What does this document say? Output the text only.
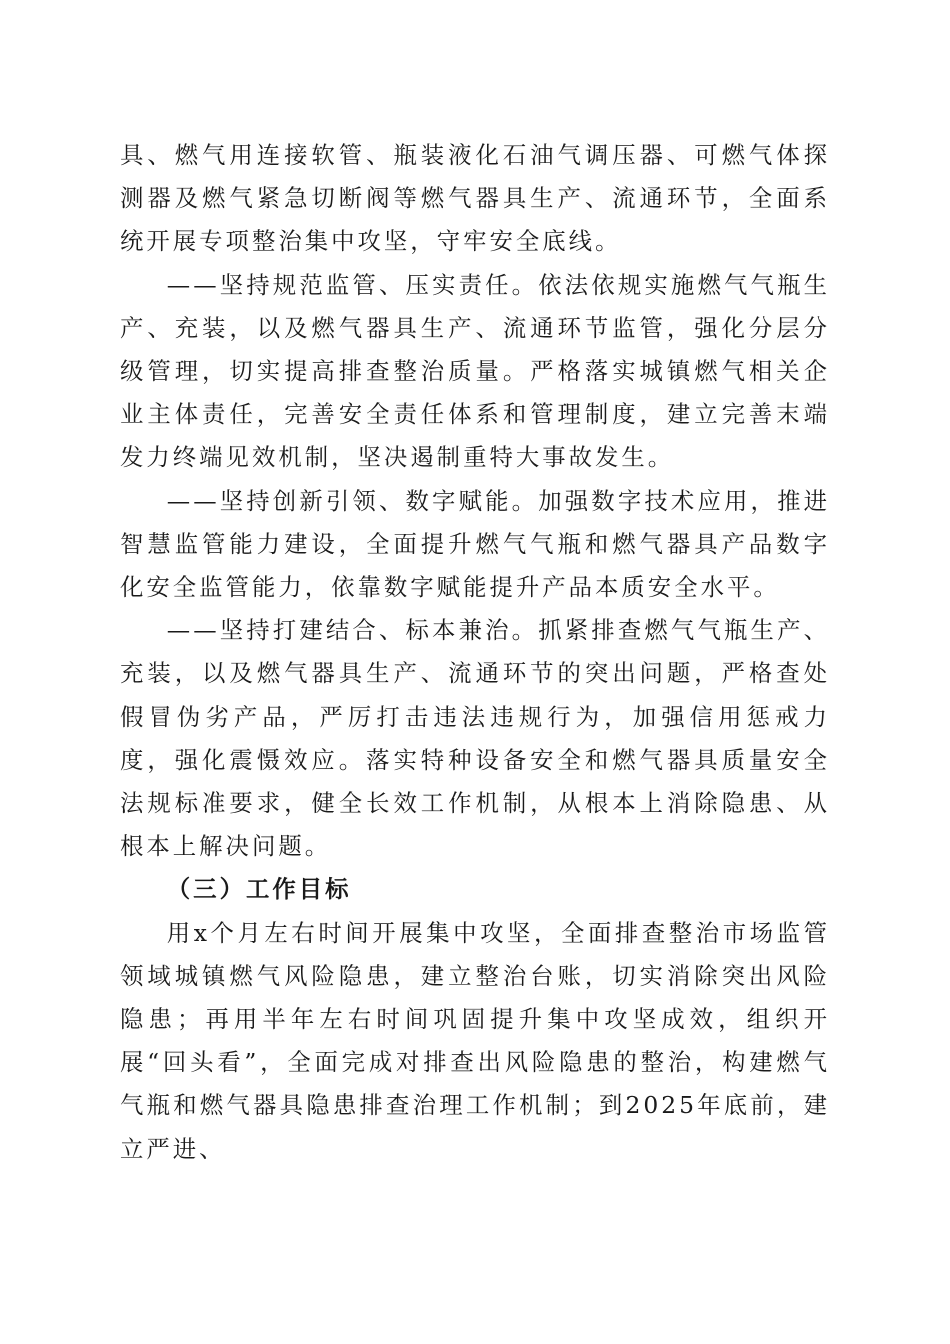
具、燃气用连接软管、瓶装液化石油气调压器、可燃气体探测器及燃气紧急切断阀等燃气器具生产、流通环节，全面系统开展专项整治集中攻坚，守牢安全底线。

——坚持规范监管、压实责任。依法依规实施燃气气瓶生产、充装，以及燃气器具生产、流通环节监管，强化分层分级管理，切实提高排查整治质量。严格落实城镇燃气相关企业主体责任，完善安全责任体系和管理制度，建立完善末端发力终端见效机制，坚决遏制重特大事故发生。

——坚持创新引领、数字赋能。加强数字技术应用，推进智慧监管能力建设，全面提升燃气气瓶和燃气器具产品数字化安全监管能力，依靠数字赋能提升产品本质安全水平。

——坚持打建结合、标本兼治。抓紧排查燃气气瓶生产、充装，以及燃气器具生产、流通环节的突出问题，严格查处假冒伪劣产品，严厉打击违法违规行为，加强信用惩戒力度，强化震慑效应。落实特种设备安全和燃气器具质量安全法规标准要求，健全长效工作机制，从根本上消除隐患、从根本上解决问题。

（三）工作目标

用x个月左右时间开展集中攻坚，全面排查整治市场监管领域城镇燃气风险隐患，建立整治台账，切实消除突出风险隐患；再用半年左右时间巩固提升集中攻坚成效，组织开展“回头看”，全面完成对排查出风险隐患的整治，构建燃气气瓶和燃气器具隐患排查治理工作机制；到2025年底前，建立严进、
